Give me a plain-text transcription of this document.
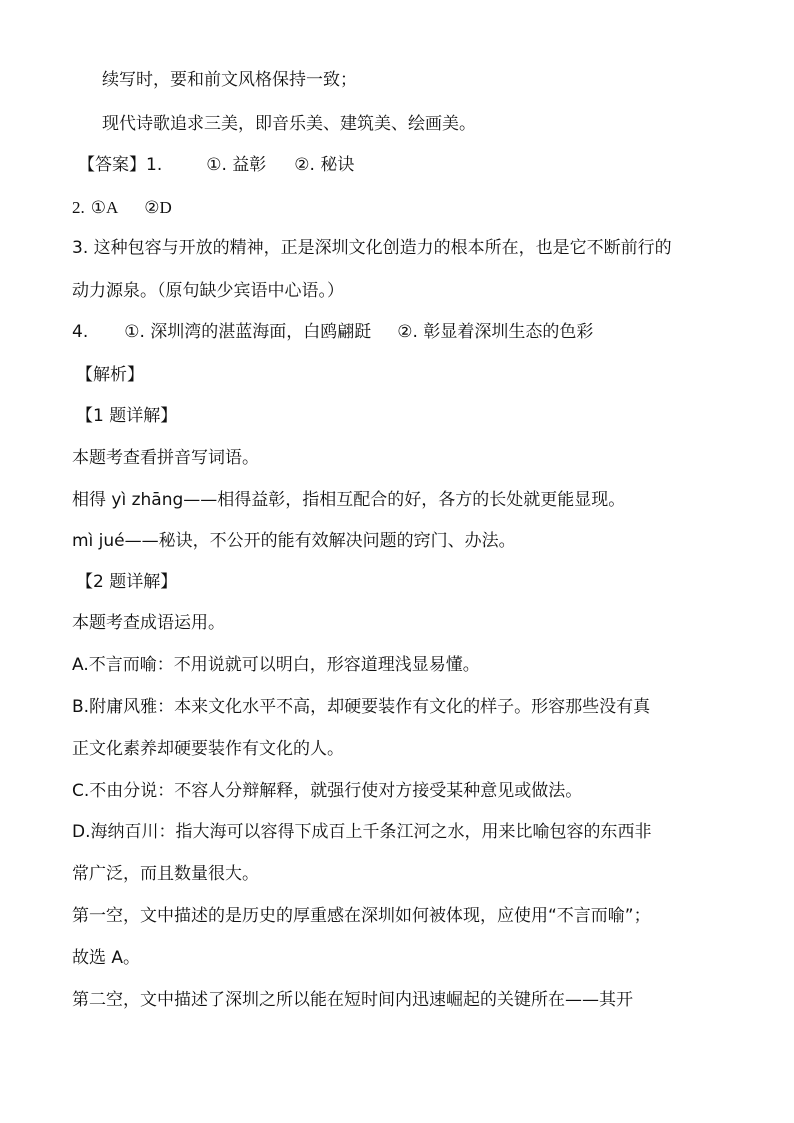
续写时，要和前文风格保持一致；
现代诗歌追求三美，即音乐美、建筑美、绘画美。
【答案】1.	①. 益彰 ②. 秘诀
2. ①A ②D
3. 这种包容与开放的精神，正是深圳文化创造力的根本所在，也是它不断前行的
动力源泉。（原句缺少宾语中心语。）
4. ①. 深圳湾的湛蓝海面，白鸥翩跹 ②. 彰显着深圳生态的色彩
【解析】
【1 题详解】
本题考查看拼音写词语。
相得 yì zhāng——相得益彰，指相互配合的好，各方的长处就更能显现。
mì jué——秘诀，不公开的能有效解决问题的窍门、办法。
【2 题详解】
本题考查成语运用。
A.不言而喻：不用说就可以明白，形容道理浅显易懂。
B.附庸风雅：本来文化水平不高，却硬要装作有文化的样子。形容那些没有真
正文化素养却硬要装作有文化的人。
C.不由分说：不容人分辩解释，就强行使对方接受某种意见或做法。
D.海纳百川：指大海可以容得下成百上千条江河之水，用来比喻包容的东西非
常广泛，而且数量很大。
第一空，文中描述的是历史的厚重感在深圳如何被体现，应使用“不言而喻”；
故选 A。
第二空，文中描述了深圳之所以能在短时间内迅速崛起的关键所在——其开
